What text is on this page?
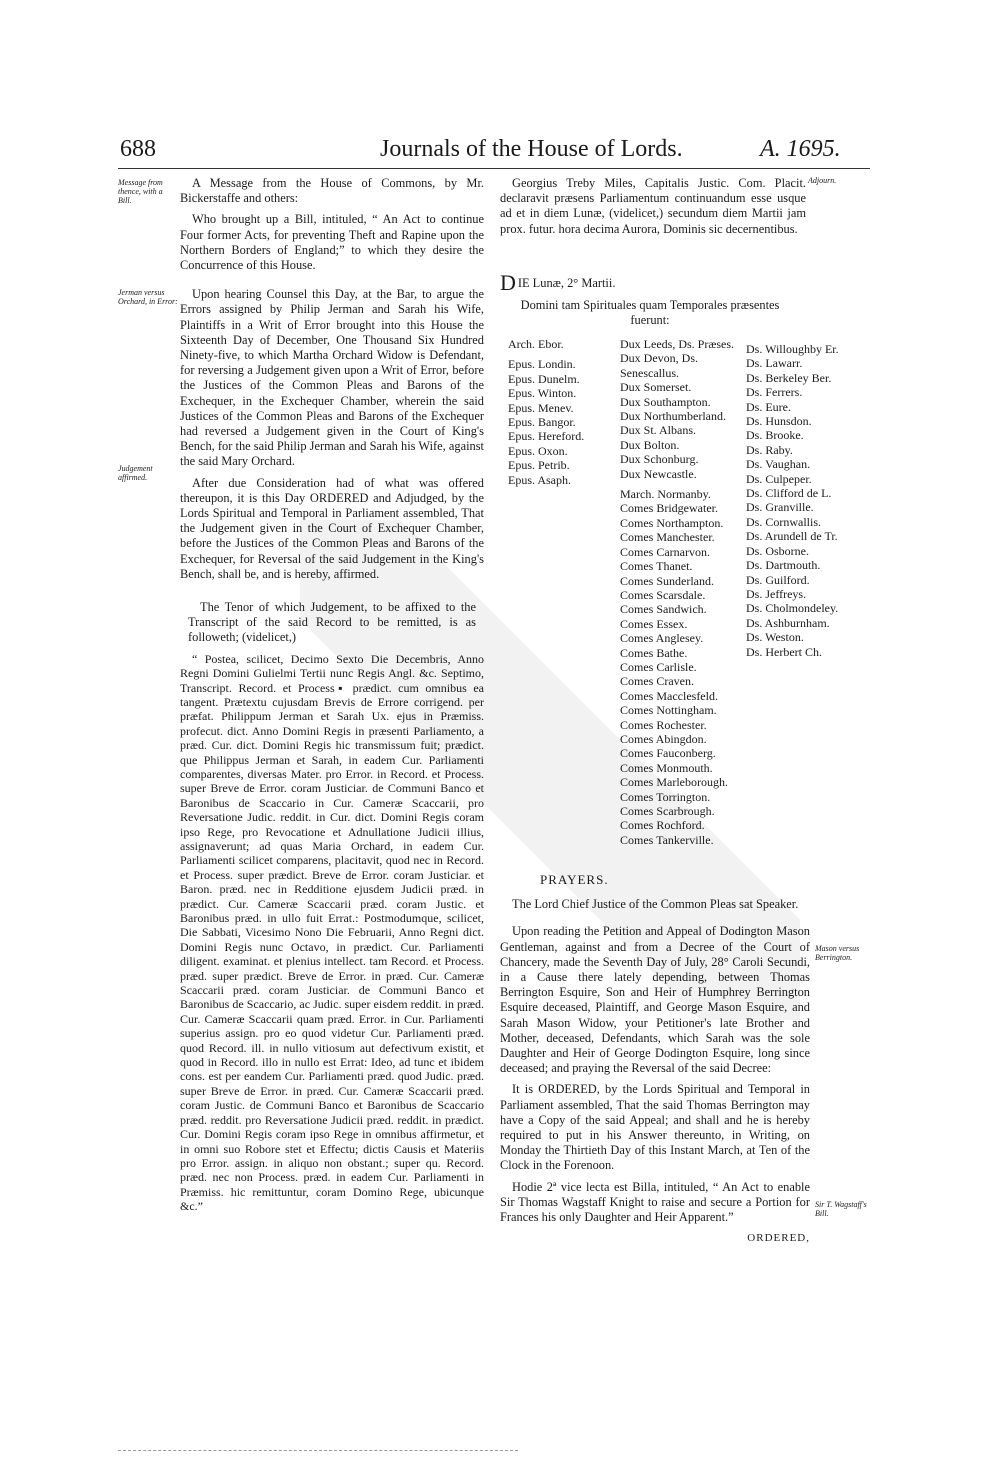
688	Journals of the House of Lords.	A. 1695.
Message from thence, with a Bill.
Jerman versus Orchard, in Error:
Judgement affirmed.
Adjourn.
Mason versus Berrington.
Sir T. Wagstaff's Bill.

A Message from the House of Commons, by Mr. Bickerstaffe and others:

Who brought up a Bill, intituled, “ An Act to continue Four former Acts, for preventing Theft and Rapine upon the Northern Borders of England;” to which they desire the Concurrence of this House.

Upon hearing Counsel this Day, at the Bar, to argue the Errors assigned by Philip Jerman and Sarah his Wife, Plaintiffs in a Writ of Error brought into this House the Sixteenth Day of December, One Thousand Six Hundred Ninety-five, to which Martha Orchard Widow is Defendant, for reversing a Judgement given upon a Writ of Error, before the Justices of the Common Pleas and Barons of the Exchequer, in the Exchequer Chamber, wherein the said Justices of the Common Pleas and Barons of the Exchequer had reversed a Judgement given in the Court of King's Bench, for the said Philip Jerman and Sarah his Wife, against the said Mary Orchard.

After due Consideration had of what was offered thereupon, it is this Day ORDERED and Adjudged, by the Lords Spiritual and Temporal in Parliament assembled, That the Judgement given in the Court of Exchequer Chamber, before the Justices of the Common Pleas and Barons of the Exchequer, for Reversal of the said Judgement in the King's Bench, shall be, and is hereby, affirmed.

The Tenor of which Judgement, to be affixed to the Transcript of the said Record to be remitted, is as followeth; (videlicet,)

“ Postea, scilicet, Decimo Sexto Die Decembris, Anno Regni Domini Gulielmi Tertii nunc Regis Angl. &c. Septimo, Transcript. Record. et Process▪ prædict. cum omnibus ea tangent. Prætextu cujusdam Brevis de Errore corrigend. per præfat. Philippum Jerman et Sarah Ux. ejus in Præmiss. profecut. dict. Anno Domini Regis in præsenti Parliamento, a præd. Cur. dict. Domini Regis hic transmissum fuit; prædict. que Philippus Jerman et Sarah, in eadem Cur. Parliamenti comparentes, diversas Mater. pro Error. in Record. et Process. super Breve de Error. coram Justiciar. de Communi Banco et Baronibus de Scaccario in Cur. Cameræ Scaccarii, pro Reversatione Judic. reddit. in Cur. dict. Domini Regis coram ipso Rege, pro Revocatione et Adnullatione Judicii illius, assignaverunt; ad quas Maria Orchard, in eadem Cur. Parliamenti scilicet comparens, placitavit, quod nec in Record. et Process. super prædict. Breve de Error. coram Justiciar. et Baron. præd. nec in Redditione ejusdem Judicii præd. in prædict. Cur. Cameræ Scaccarii præd. coram Justic. et Baronibus præd. in ullo fuit Errat.: Postmodumque, scilicet, Die Sabbati, Vicesimo Nono Die Februarii, Anno Regni dict. Domini Regis nunc Octavo, in prædict. Cur. Parliamenti diligent. examinat. et plenius intellect. tam Record. et Process. præd. super prædict. Breve de Error. in præd. Cur. Cameræ Scaccarii præd. coram Justiciar. de Communi Banco et Baronibus de Scaccario, ac Judic. super eisdem reddit. in præd. Cur. Cameræ Scaccarii quam præd. Error. in Cur. Parliamenti superius assign. pro eo quod videtur Cur. Parliamenti præd. quod Record. ill. in nullo vitiosum aut defectivum existit, et quod in Record. illo in nullo est Errat: Ideo, ad tunc et ibidem cons. est per eandem Cur. Parliamenti præd. quod Judic. præd. super Breve de Error. in præd. Cur. Cameræ Scaccarii præd. coram Justic. de Communi Banco et Baronibus de Scaccario præd. reddit. pro Reversatione Judicii præd. reddit. in prædict. Cur. Domini Regis coram ipso Rege in omnibus affirmetur, et in omni suo Robore stet et Effectu; dictis Causis et Materiis pro Error. assign. in aliquo non obstant.; super qu. Record. præd. nec non Process. præd. in eadem Cur. Parliamenti in Præmiss. hic remittuntur, coram Domino Rege, ubicunque &c.”

Georgius Treby Miles, Capitalis Justic. Com. Placit. declaravit præsens Parliamentum continuandum esse usque ad et in diem Lunæ, (videlicet,) secundum diem Martii jam prox. futur. hora decima Aurora, Dominis sic decernentibus.

DIE Lunæ, 2° Martii.

Domini tam Spirituales quam Temporales præsentes fuerunt:

Arch. Ebor.
Epus. Londin.
Epus. Dunelm.
Epus. Winton.
Epus. Menev.
Epus. Bangor.
Epus. Hereford.
Epus. Oxon.
Epus. Petrib.
Epus. Asaph.
Dux Leeds, Ds. Præses.
Dux Devon, Ds. Senescallus.
Dux Somerset.
Dux Southampton.
Dux Northumberland.
Dux St. Albans.
Dux Bolton.
Dux Schonburg.
Dux Newcastle.
March. Normanby.
Comes Bridgewater.
Comes Northampton.
Comes Manchester.
Comes Carnarvon.
Comes Thanet.
Comes Sunderland.
Comes Scarsdale.
Comes Sandwich.
Comes Essex.
Comes Anglesey.
Comes Bathe.
Comes Carlisle.
Comes Craven.
Comes Macclesfeld.
Comes Nottingham.
Comes Rochester.
Comes Abingdon.
Comes Fauconberg.
Comes Monmouth.
Comes Marleborough.
Comes Torrington.
Comes Scarbrough.
Comes Rochford.
Comes Tankerville.
Ds. Willoughby Er.
Ds. Lawarr.
Ds. Berkeley Ber.
Ds. Ferrers.
Ds. Eure.
Ds. Hunsdon.
Ds. Brooke.
Ds. Raby.
Ds. Vaughan.
Ds. Culpeper.
Ds. Clifford de L.
Ds. Granville.
Ds. Cornwallis.
Ds. Arundell de Tr.
Ds. Osborne.
Ds. Dartmouth.
Ds. Guilford.
Ds. Jeffreys.
Ds. Cholmondeley.
Ds. Ashburnham.
Ds. Weston.
Ds. Herbert Ch.

PRAYERS.

The Lord Chief Justice of the Common Pleas sat Speaker.

Upon reading the Petition and Appeal of Dodington Mason Gentleman, against and from a Decree of the Court of Chancery, made the Seventh Day of July, 28° Caroli Secundi, in a Cause there lately depending, between Thomas Berrington Esquire, Son and Heir of Humphrey Berrington Esquire deceased, Plaintiff, and George Mason Esquire, and Sarah Mason Widow, your Petitioner's late Brother and Mother, deceased, Defendants, which Sarah was the sole Daughter and Heir of George Dodington Esquire, long since deceased; and praying the Reversal of the said Decree:

It is ORDERED, by the Lords Spiritual and Temporal in Parliament assembled, That the said Thomas Berrington may have a Copy of the said Appeal; and shall and he is hereby required to put in his Answer thereunto, in Writing, on Monday the Thirtieth Day of this Instant March, at Ten of the Clock in the Forenoon.

Hodie 2ª vice lecta est Billa, intituled, “ An Act to enable Sir Thomas Wagstaff Knight to raise and secure a Portion for Frances his only Daughter and Heir Apparent.”

ORDERED,
